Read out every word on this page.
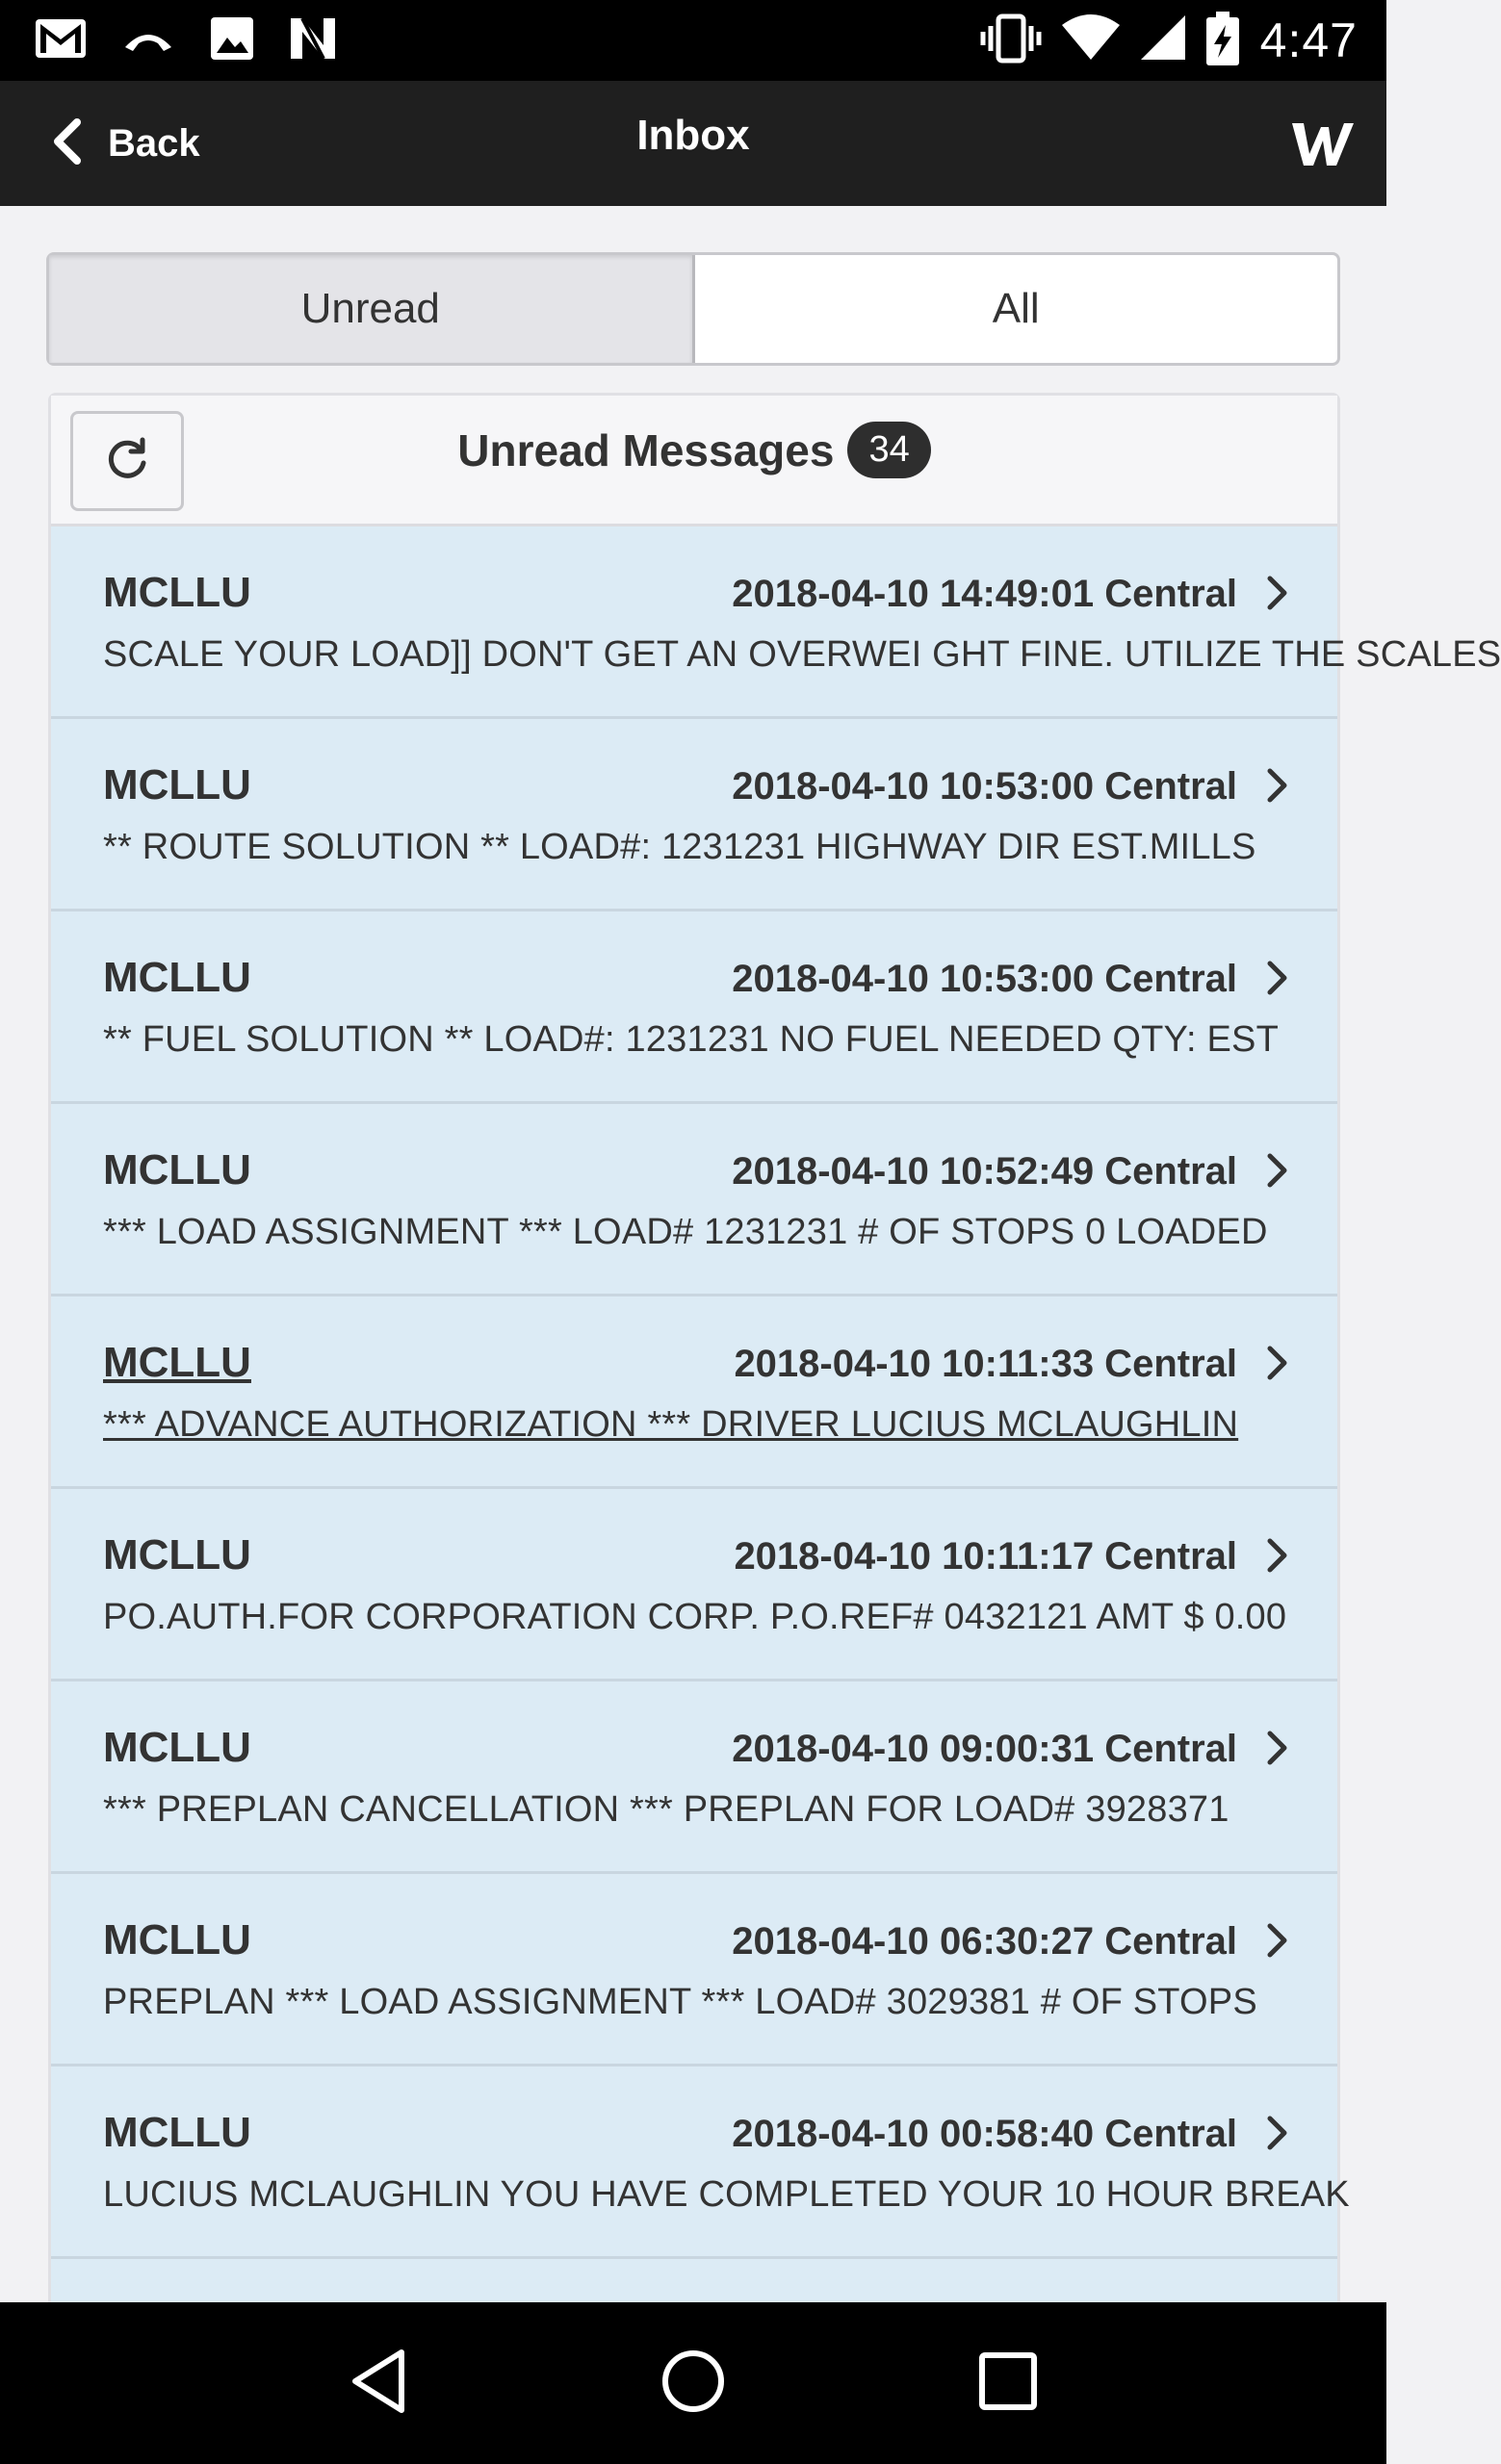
4:47
Back	Inbox
Unread	All
Unread Messages 34
MCLLU	2018-04-10 14:49:01 Central
SCALE YOUR LOAD]] DON'T GET AN OVERWEI GHT FINE. UTILIZE THE SCALES
MCLLU	2018-04-10 10:53:00 Central
** ROUTE SOLUTION ** LOAD#: 1231231 HIGHWAY DIR EST.MILLS
MCLLU	2018-04-10 10:53:00 Central
** FUEL SOLUTION ** LOAD#: 1231231 NO FUEL NEEDED QTY: EST
MCLLU	2018-04-10 10:52:49 Central
*** LOAD ASSIGNMENT *** LOAD# 1231231 # OF STOPS 0 LOADED
MCLLU	2018-04-10 10:11:33 Central
*** ADVANCE AUTHORIZATION *** DRIVER LUCIUS MCLAUGHLIN
MCLLU	2018-04-10 10:11:17 Central
PO.AUTH.FOR CORPORATION CORP. P.O.REF# 0432121 AMT $ 0.00
MCLLU	2018-04-10 09:00:31 Central
*** PREPLAN CANCELLATION *** PREPLAN FOR LOAD# 3928371
MCLLU	2018-04-10 06:30:27 Central
PREPLAN *** LOAD ASSIGNMENT *** LOAD# 3029381 # OF STOPS
MCLLU	2018-04-10 00:58:40 Central
LUCIUS MCLAUGHLIN YOU HAVE COMPLETED YOUR 10 HOUR BREAK
